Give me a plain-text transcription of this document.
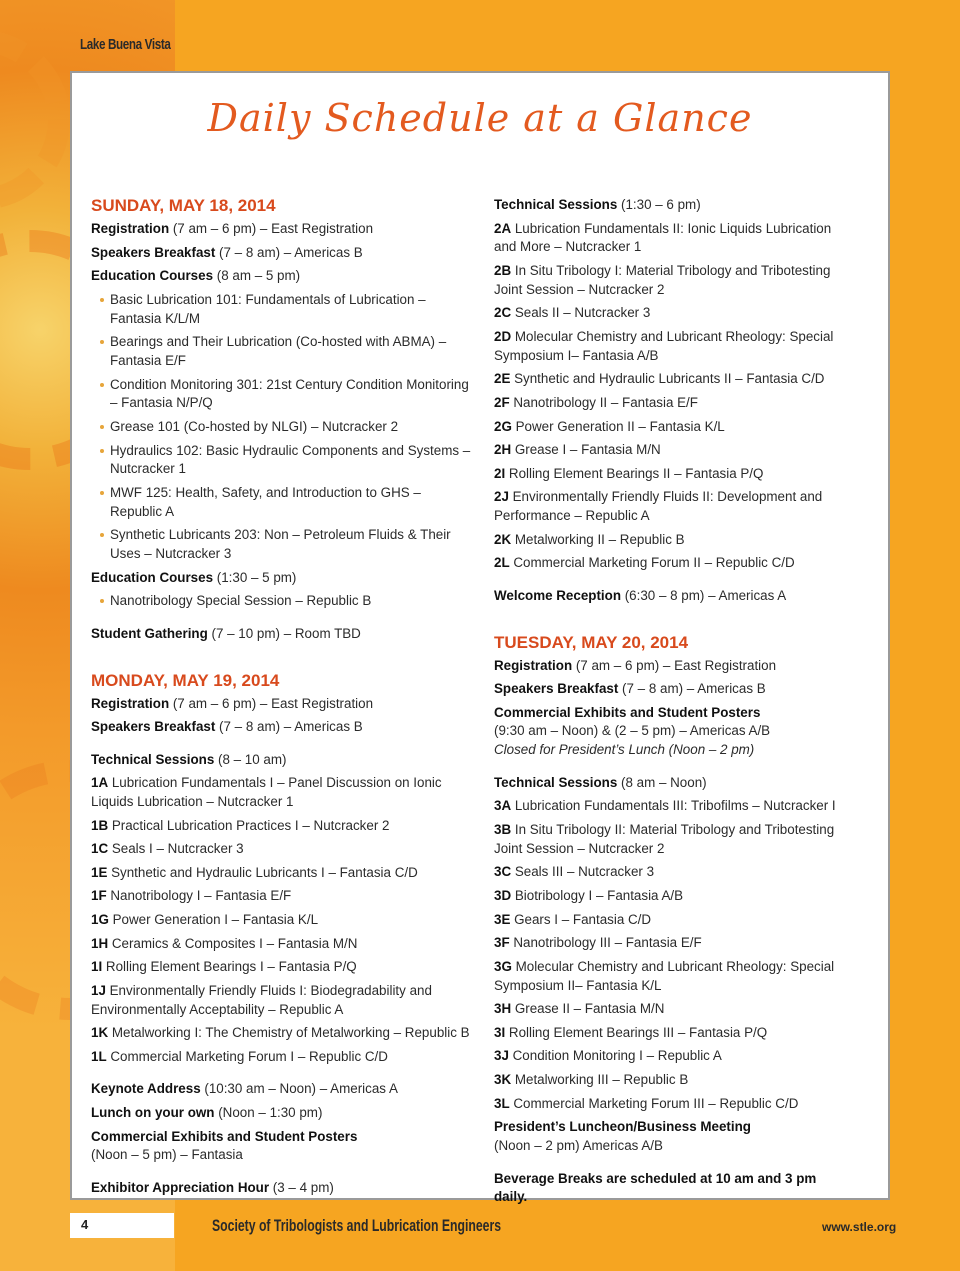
Lake Buena Vista
Daily Schedule at a Glance
SUNDAY, MAY 18, 2014
Registration (7 am – 6 pm) – East Registration
Speakers Breakfast (7 – 8 am) – Americas B
Education Courses (8 am – 5 pm)
Basic Lubrication 101: Fundamentals of Lubrication – Fantasia K/L/M
Bearings and Their Lubrication (Co-hosted with ABMA) – Fantasia E/F
Condition Monitoring 301: 21st Century Condition Monitoring – Fantasia N/P/Q
Grease 101 (Co-hosted by NLGI) – Nutcracker 2
Hydraulics 102: Basic Hydraulic Components and Systems – Nutcracker 1
MWF 125: Health, Safety, and Introduction to GHS – Republic A
Synthetic Lubricants 203: Non – Petroleum Fluids & Their Uses – Nutcracker 3
Education Courses (1:30 – 5 pm)
Nanotribology Special Session – Republic B
Student Gathering (7 – 10 pm) – Room TBD
MONDAY, MAY 19, 2014
Registration (7 am – 6 pm) – East Registration
Speakers Breakfast (7 – 8 am) – Americas B
Technical Sessions (8 – 10 am)
1A Lubrication Fundamentals I – Panel Discussion on Ionic Liquids Lubrication – Nutcracker 1
1B Practical Lubrication Practices I – Nutcracker 2
1C Seals I – Nutcracker 3
1E Synthetic and Hydraulic Lubricants I – Fantasia C/D
1F Nanotribology I – Fantasia E/F
1G Power Generation I – Fantasia K/L
1H Ceramics & Composites I – Fantasia M/N
1I Rolling Element Bearings I – Fantasia P/Q
1J Environmentally Friendly Fluids I: Biodegradability and Environmentally Acceptability – Republic A
1K Metalworking I: The Chemistry of Metalworking – Republic B
1L Commercial Marketing Forum I – Republic C/D
Keynote Address (10:30 am – Noon) – Americas A
Lunch on your own (Noon – 1:30 pm)
Commercial Exhibits and Student Posters
(Noon – 5 pm) – Fantasia
Exhibitor Appreciation Hour (3 – 4 pm)
Technical Sessions (1:30 – 6 pm)
2A Lubrication Fundamentals II: Ionic Liquids Lubrication and More – Nutcracker 1
2B In Situ Tribology I: Material Tribology and Tribotesting Joint Session – Nutcracker 2
2C Seals II – Nutcracker 3
2D Molecular Chemistry and Lubricant Rheology: Special Symposium I– Fantasia A/B
2E Synthetic and Hydraulic Lubricants II – Fantasia C/D
2F Nanotribology II – Fantasia E/F
2G Power Generation II – Fantasia K/L
2H Grease I – Fantasia M/N
2I Rolling Element Bearings II – Fantasia P/Q
2J Environmentally Friendly Fluids II: Development and Performance – Republic A
2K Metalworking II – Republic B
2L Commercial Marketing Forum II – Republic C/D
Welcome Reception (6:30 – 8 pm) – Americas A
TUESDAY, MAY 20, 2014
Registration (7 am – 6 pm) – East Registration
Speakers Breakfast (7 – 8 am) – Americas B
Commercial Exhibits and Student Posters
(9:30 am – Noon) & (2 – 5 pm) – Americas A/B
Closed for President’s Lunch (Noon – 2 pm)
Technical Sessions (8 am – Noon)
3A Lubrication Fundamentals III: Tribofilms – Nutcracker I
3B In Situ Tribology II: Material Tribology and Tribotesting Joint Session – Nutcracker 2
3C Seals III – Nutcracker 3
3D Biotribology I – Fantasia A/B
3E Gears I – Fantasia C/D
3F Nanotribology III – Fantasia E/F
3G Molecular Chemistry and Lubricant Rheology: Special Symposium II– Fantasia K/L
3H Grease II – Fantasia M/N
3I Rolling Element Bearings III – Fantasia P/Q
3J Condition Monitoring I – Republic A
3K Metalworking III – Republic B
3L Commercial Marketing Forum III – Republic C/D
President’s Luncheon/Business Meeting
(Noon – 2 pm) Americas A/B
Beverage Breaks are scheduled at 10 am and 3 pm daily.
4	Society of Tribologists and Lubrication Engineers	www.stle.org
